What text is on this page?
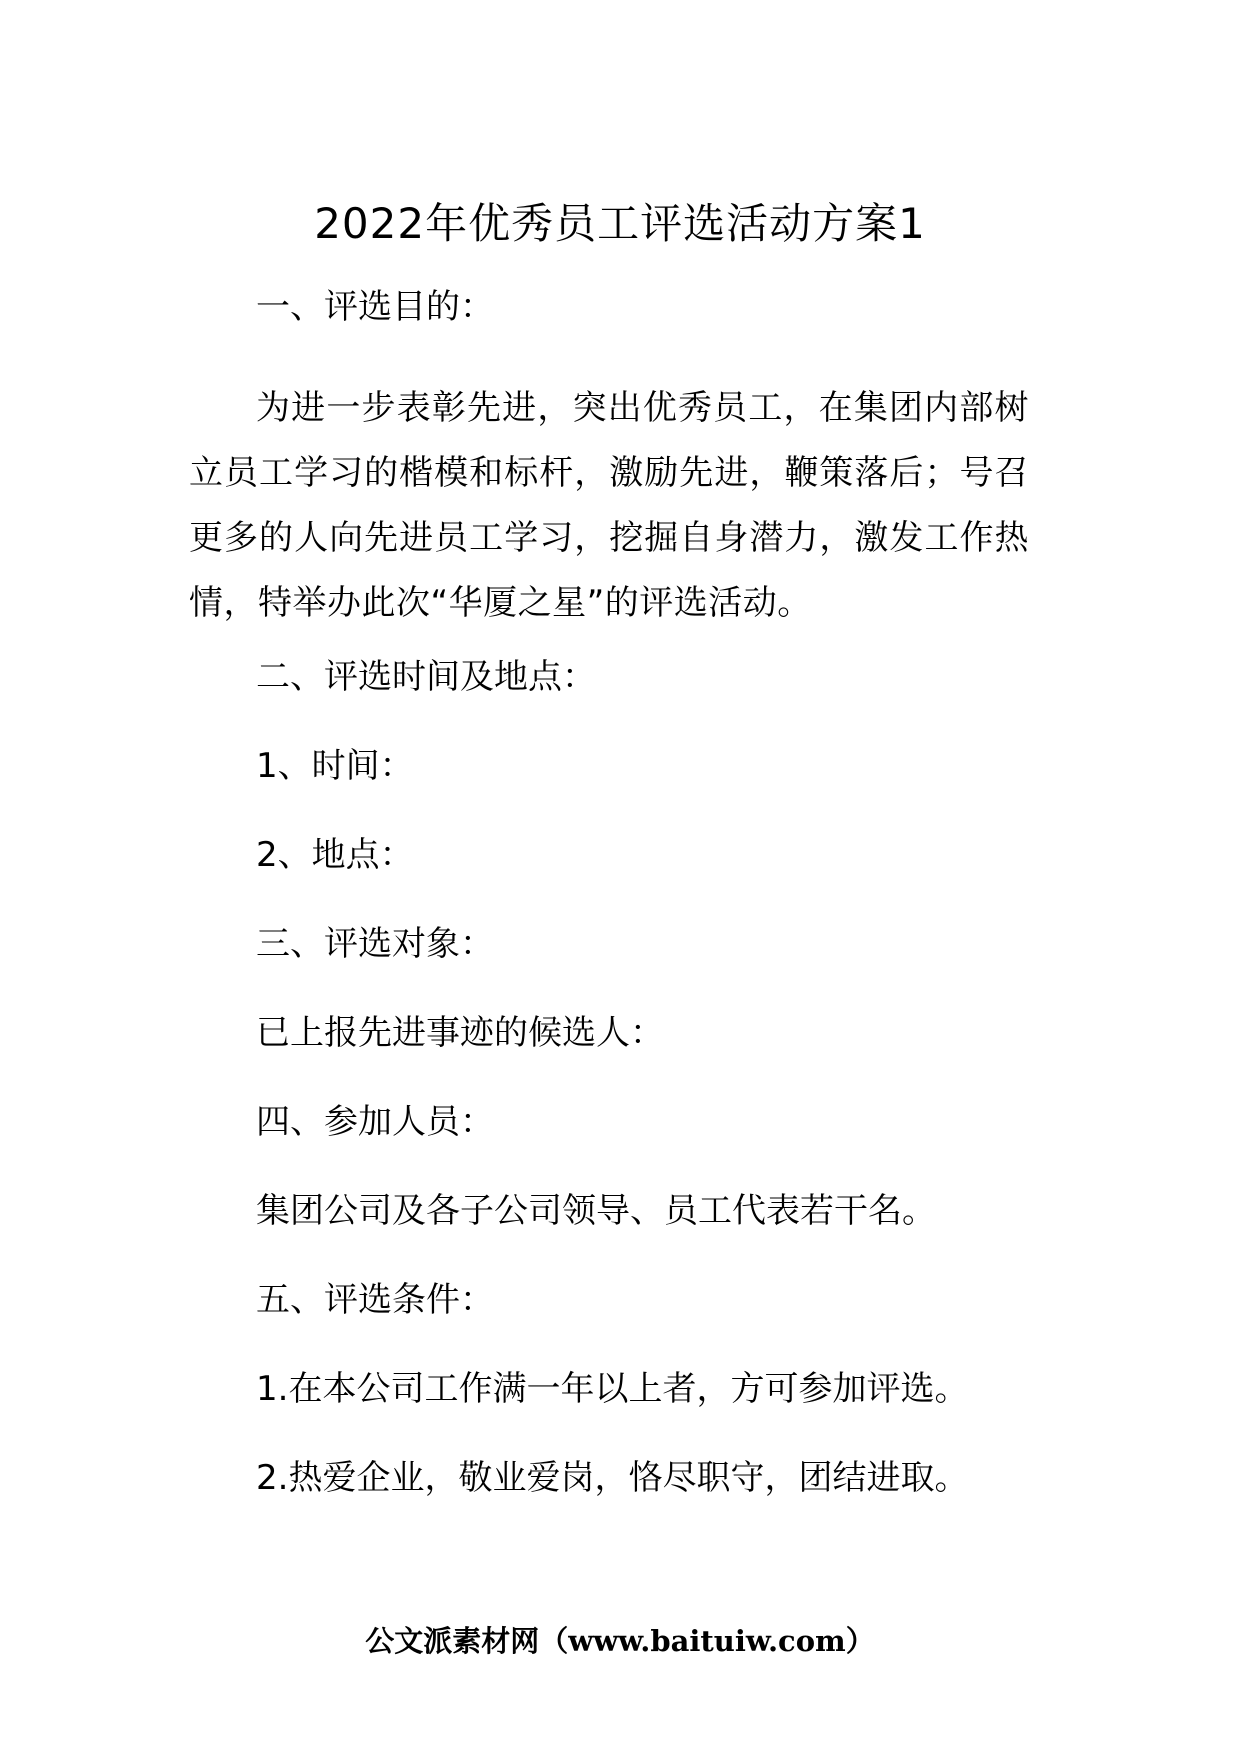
2022年优秀员工评选活动方案1

一、评选目的：

为进一步表彰先进，突出优秀员工，在集团内部树立员工学习的楷模和标杆，激励先进，鞭策落后；号召更多的人向先进员工学习，挖掘自身潜力，激发工作热情，特举办此次“华厦之星”的评选活动。

二、评选时间及地点：

1、时间：

2、地点：

三、评选对象：

已上报先进事迹的候选人：

四、参加人员：

集团公司及各子公司领导、员工代表若干名。

五、评选条件：

1.在本公司工作满一年以上者，方可参加评选。

2.热爱企业，敬业爱岗，恪尽职守，团结进取。

公文派素材网（www.baituiw.com）
